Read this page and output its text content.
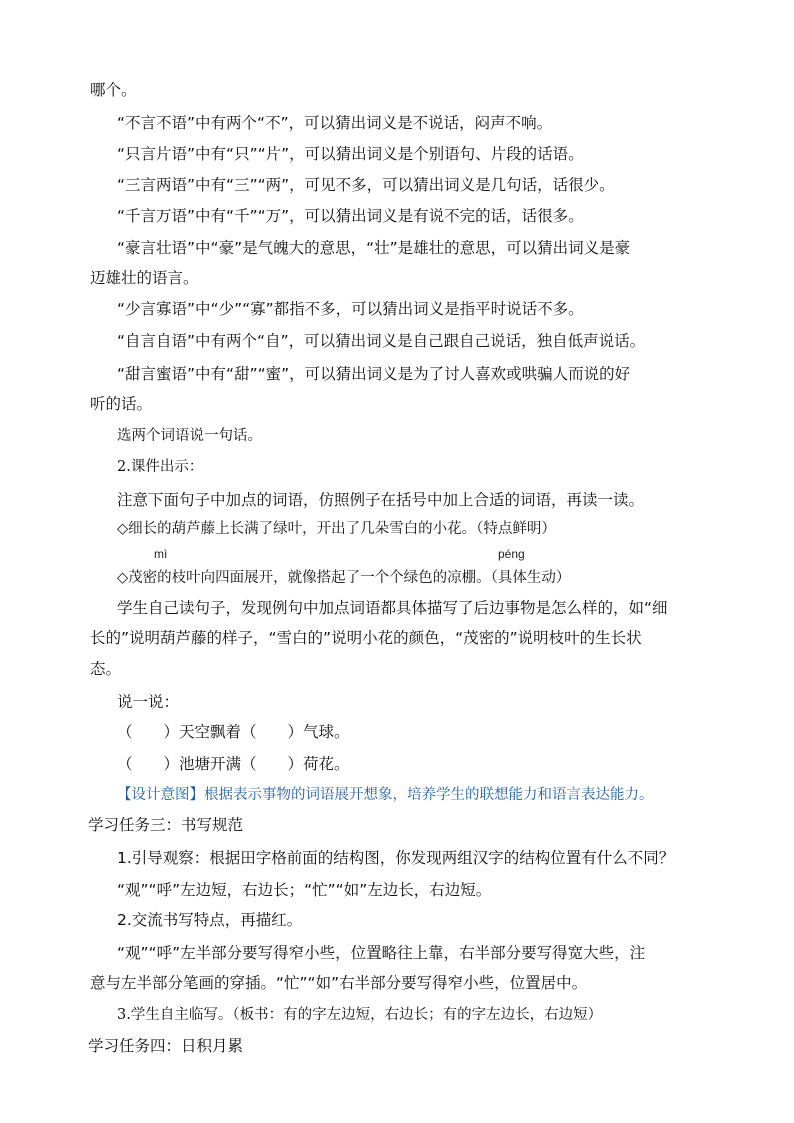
哪个。
“不言不语”中有两个“不”，可以猜出词义是不说话，闷声不响。
“只言片语”中有“只”“片”，可以猜出词义是个别语句、片段的话语。
“三言两语”中有“三”“两”，可见不多，可以猜出词义是几句话，话很少。
“千言万语”中有“千”“万”，可以猜出词义是有说不完的话，话很多。
“豪言壮语”中“豪”是气魄大的意思，“壮”是雄壮的意思，可以猜出词义是豪
迈雄壮的语言。
“少言寡语”中“少”“寡”都指不多，可以猜出词义是指平时说话不多。
“自言自语”中有两个“自”，可以猜出词义是自己跟自己说话，独自低声说话。
“甜言蜜语”中有“甜”“蜜”，可以猜出词义是为了讨人喜欢或哄骗人而说的好
听的话。
选两个词语说一句话。
2.课件出示：
注意下面句子中加点的词语，仿照例子在括号中加上合适的词语，再读一读。
◇细长的葫芦藤上长满了绿叶，开出了几朵雪白的小花。（特点鲜明）
mì	péng
◇茂密的枝叶向四面展开，就像搭起了一个个绿色的凉棚。（具体生动）
学生自己读句子，发现例句中加点词语都具体描写了后边事物是怎么样的，如“细
长的”说明葫芦藤的样子，“雪白的”说明小花的颜色，“茂密的”说明枝叶的生长状
态。
说一说：
（　　）天空飘着（　　）气球。
（　　）池塘开满（　　）荷花。
【设计意图】根据表示事物的词语展开想象，培养学生的联想能力和语言表达能力。
学习任务三：书写规范
1.引导观察：根据田字格前面的结构图，你发现两组汉字的结构位置有什么不同？
“观”“呼”左边短，右边长；“忙”“如”左边长，右边短。
2.交流书写特点，再描红。
“观”“呼”左半部分要写得窄小些，位置略往上靠，右半部分要写得宽大些，注
意与左半部分笔画的穿插。“忙”“如”右半部分要写得窄小些，位置居中。
3.学生自主临写。（板书：有的字左边短，右边长；有的字左边长，右边短）
学习任务四：日积月累
